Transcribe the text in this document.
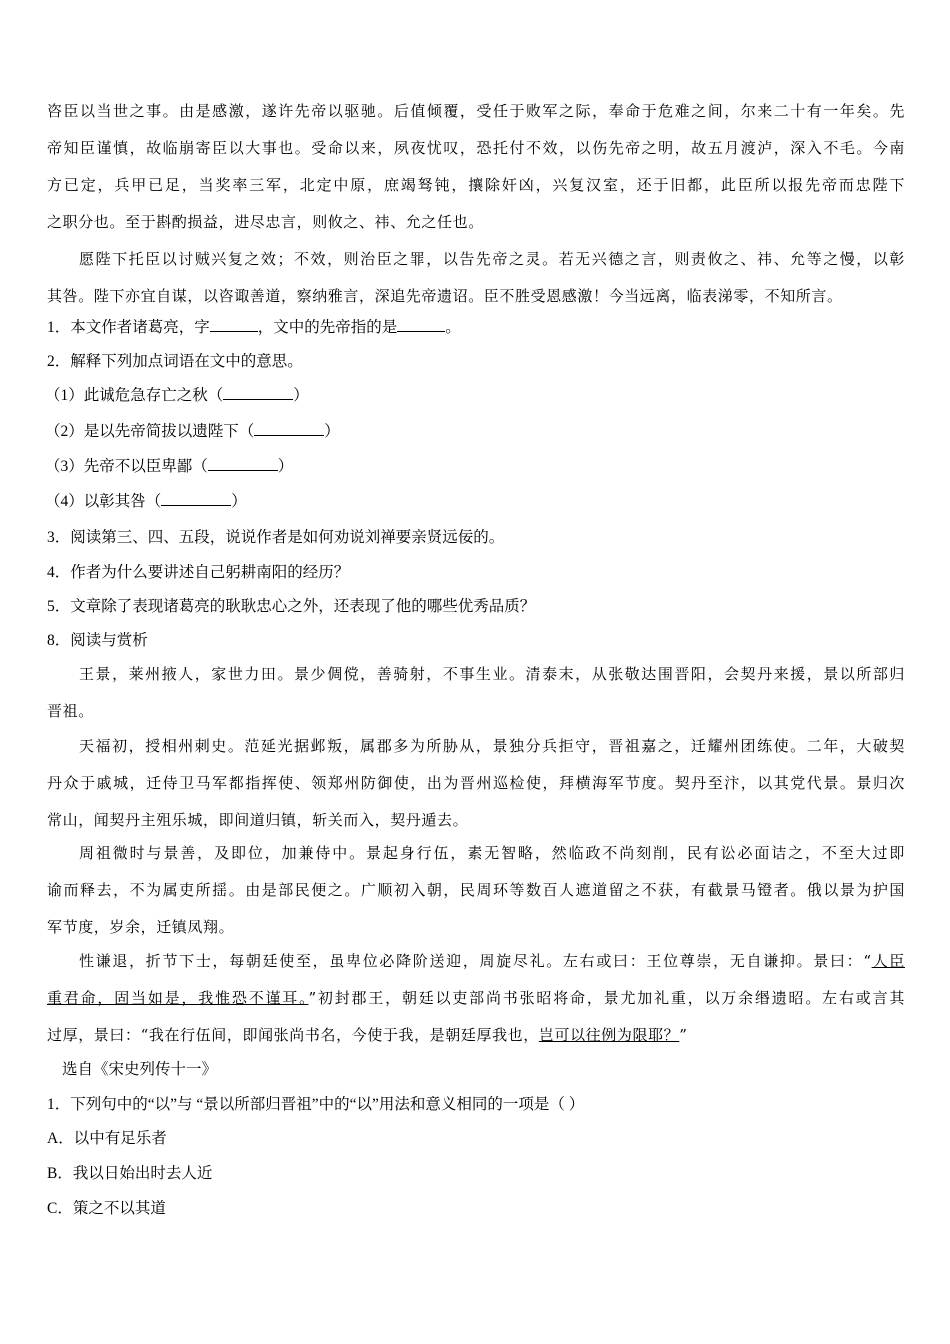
咨臣以当世之事。由是感激，遂许先帝以驱驰。后值倾覆，受任于败军之际，奉命于危难之间，尔来二十有一年矣。先
帝知臣谨慎，故临崩寄臣以大事也。受命以来，夙夜忧叹，恐托付不效，以伤先帝之明，故五月渡泸，深入不毛。今南
方已定，兵甲已足，当奖率三军，北定中原，庶竭驽钝，攘除奸凶，兴复汉室，还于旧都，此臣所以报先帝而忠陛下
之职分也。至于斟酌损益，进尽忠言，则攸之、祎、允之任也。
愿陛下托臣以讨贼兴复之效；不效，则治臣之罪，以告先帝之灵。若无兴德之言，则责攸之、祎、允等之慢，以彰
其咎。陛下亦宜自谋，以咨诹善道，察纳雅言，深追先帝遗诏。臣不胜受恩感激！今当远离，临表涕零，不知所言。
1．本文作者诸葛亮，字	，文中的先帝指的是	。
2．解释下列加点词语在文中的意思。
（1）此诚危急存亡之秋（	）
（2）是以先帝简拔以遗陛下（	）
（3）先帝不以臣卑鄙（	）
（4）以彰其咎（	）
3．阅读第三、四、五段，说说作者是如何劝说刘禅要亲贤远佞的。
4．作者为什么要讲述自己躬耕南阳的经历？
5．文章除了表现诸葛亮的耿耿忠心之外，还表现了他的哪些优秀品质？
8．阅读与赏析
王景，莱州掖人，家世力田。景少倜傥，善骑射，不事生业。清泰末，从张敬达围晋阳，会契丹来援，景以所部归
晋祖。
天福初，授相州刺史。范延光据邺叛，属郡多为所胁从，景独分兵拒守，晋祖嘉之，迁耀州团练使。二年，大破契
丹众于戚城，迁侍卫马军都指挥使、领郑州防御使，出为晋州巡检使，拜横海军节度。契丹至汴，以其党代景。景归次
常山，闻契丹主殂乐城，即间道归镇，斩关而入，契丹遁去。
周祖微时与景善，及即位，加兼侍中。景起身行伍，素无智略，然临政不尚刻削，民有讼必面诘之，不至大过即
谕而释去，不为属吏所揺。由是部民便之。广顺初入朝，民周环等数百人遮道留之不获，有截景马镫者。俄以景为护国
军节度，岁余，迁镇凤翔。
性谦退，折节下士，每朝廷使至，虽卑位必降阶送迎，周旋尽礼。左右或曰：王位尊崇，无自谦抑。景曰：“人臣
重君命，固当如是，我惟恐不谨耳。”初封郡王，朝廷以吏部尚书张昭将命，景尤加礼重，以万余缗遗昭。左右或言其
过厚，景曰：“我在行伍间，即闻张尚书名，今使于我，是朝廷厚我也，岂可以往例为限耶？”
选自《宋史列传十一》
1．下列句中的“以”与 “景以所部归晋祖”中的“以”用法和意义相同的一项是（ ）
A．以中有足乐者
B．我以日始出时去人近
C．策之不以其道
